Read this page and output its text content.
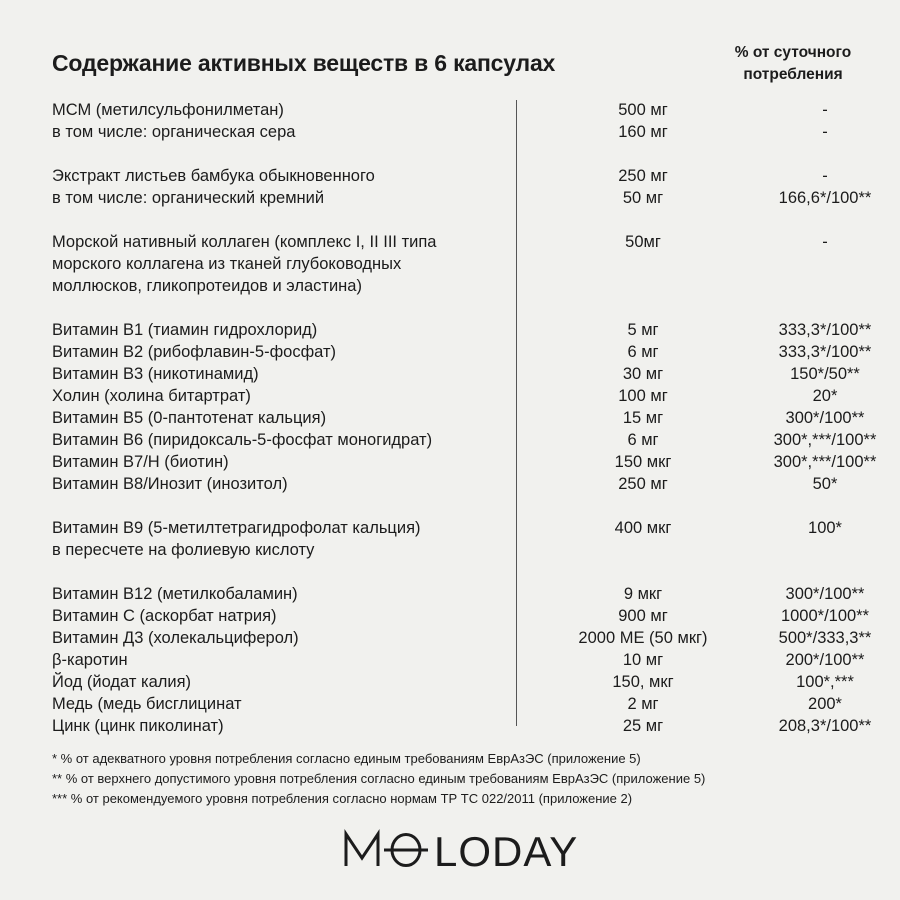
Содержание активных веществ в 6 капсулах	% от суточного
потребления
МСМ (метилсульфонилметан)	500 мг	-
в том числе: органическая сера	160 мг	-
Экстракт листьев бамбука обыкновенного	250 мг	-
в том числе: органический кремний	50 мг	166,6*/100**
Морской нативный коллаген (комплекс I, II III типа	50мг	-
морского коллагена из тканей глубоководных
моллюсков, гликопротеидов и эластина)
Витамин В1 (тиамин гидрохлорид)	5 мг	333,3*/100**
Витамин В2 (рибофлавин-5-фосфат)	6 мг	333,3*/100**
Витамин В3 (никотинамид)	30 мг	150*/50**
Холин (холина битартрат)	100 мг	20*
Витамин В5 (0-пантотенат кальция)	15 мг	300*/100**
Витамин В6 (пиридоксаль-5-фосфат моногидрат)	6 мг	300*,***/100**
Витамин В7/Н (биотин)	150 мкг	300*,***/100**
Витамин В8/Инозит (инозитол)	250 мг	50*
Витамин В9 (5-метилтетрагидрофолат кальция)	400 мкг	100*
в пересчете на фолиевую кислоту
Витамин В12 (метилкобаламин)	9 мкг	300*/100**
Витамин С (аскорбат натрия)	900 мг	1000*/100**
Витамин Д3 (холекальциферол)	2000 МЕ (50 мкг)	500*/333,3**
β-каротин	10 мг	200*/100**
Йод (йодат калия)	150, мкг	100*,***
Медь (медь бисглицинат	2 мг	200*
Цинк (цинк пиколинат)	25 мг	208,3*/100**
* % от адекватного уровня потребления согласно единым требованиям ЕврАзЭС (приложение 5)
** % от верхнего допустимого уровня потребления согласно единым требованиям ЕврАзЭС (приложение 5)
*** % от рекомендуемого уровня потребления согласно нормам ТР ТС 022/2011 (приложение 2)
LODAY
